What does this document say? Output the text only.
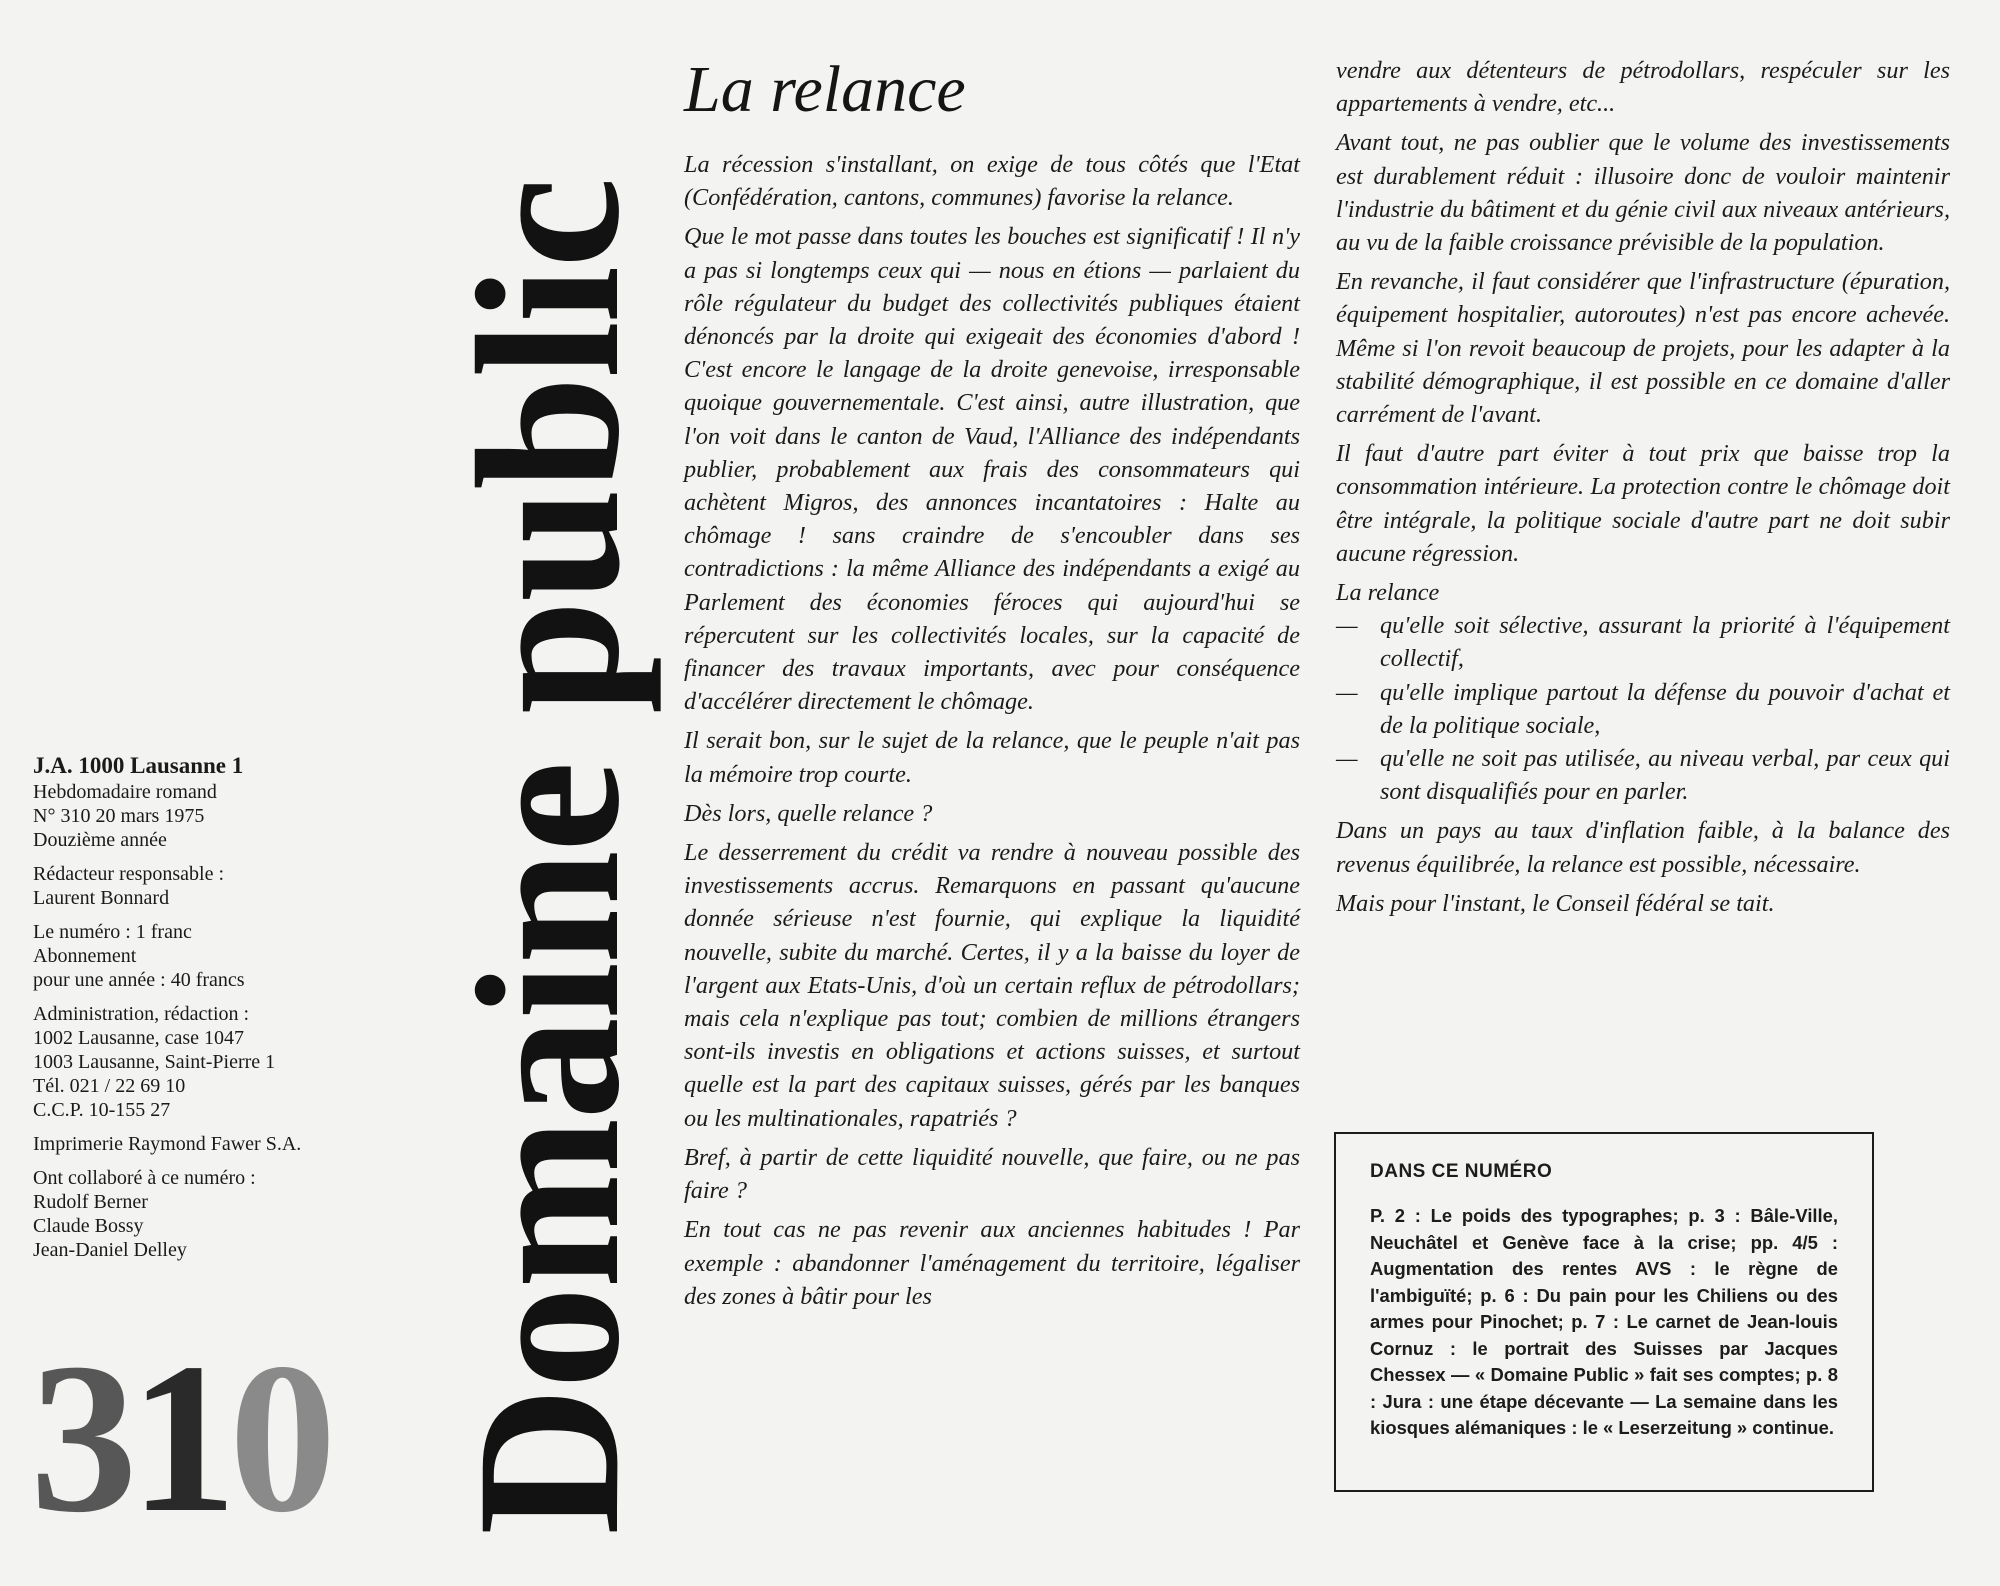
J.A. 1000 Lausanne 1
Hebdomadaire romand
N° 310 20 mars 1975
Douzième année
Rédacteur responsable :
Laurent Bonnard
Le numéro : 1 franc
Abonnement
pour une année : 40 francs
Administration, rédaction :
1002 Lausanne, case 1047
1003 Lausanne, Saint-Pierre 1
Tél. 021 / 22 69 10
C.C.P. 10-155 27
Imprimerie Raymond Fawer S.A.
Ont collaboré à ce numéro :
Rudolf Berner
Claude Bossy
Jean-Daniel Delley
310 Domaine public
La relance

La récession s'installant, on exige de tous côtés que l'Etat (Confédération, cantons, communes) favorise la relance.

Que le mot passe dans toutes les bouches est significatif ! Il n'y a pas si longtemps ceux qui — nous en étions — parlaient du rôle régulateur du budget des collectivités publiques étaient dénoncés par la droite qui exigeait des économies d'abord ! C'est encore le langage de la droite genevoise, irresponsable quoique gouvernementale. C'est ainsi, autre illustration, que l'on voit dans le canton de Vaud, l'Alliance des indépendants publier, probablement aux frais des consommateurs qui achètent Migros, des annonces incantatoires : Halte au chômage ! sans craindre de s'encoubler dans ses contradictions : la même Alliance des indépendants a exigé au Parlement des économies féroces qui aujourd'hui se répercutent sur les collectivités locales, sur la capacité de financer des travaux importants, avec pour conséquence d'accélérer directement le chômage.

Il serait bon, sur le sujet de la relance, que le peuple n'ait pas la mémoire trop courte.

Dès lors, quelle relance ?

Le desserrement du crédit va rendre à nouveau possible des investissements accrus. Remarquons en passant qu'aucune donnée sérieuse n'est fournie, qui explique la liquidité nouvelle, subite du marché. Certes, il y a la baisse du loyer de l'argent aux Etats-Unis, d'où un certain reflux de pétrodollars; mais cela n'explique pas tout; combien de millions étrangers sont-ils investis en obligations et actions suisses, et surtout quelle est la part des capitaux suisses, gérés par les banques ou les multinationales, rapatriés ?

Bref, à partir de cette liquidité nouvelle, que faire, ou ne pas faire ?

En tout cas ne pas revenir aux anciennes habitudes ! Par exemple : abandonner l'aménagement du territoire, légaliser des zones à bâtir pour les

vendre aux détenteurs de pétrodollars, respéculer sur les appartements à vendre, etc...

Avant tout, ne pas oublier que le volume des investissements est durablement réduit : illusoire donc de vouloir maintenir l'industrie du bâtiment et du génie civil aux niveaux antérieurs, au vu de la faible croissance prévisible de la population.

En revanche, il faut considérer que l'infrastructure (épuration, équipement hospitalier, autoroutes) n'est pas encore achevée. Même si l'on revoit beaucoup de projets, pour les adapter à la stabilité démographique, il est possible en ce domaine d'aller carrément de l'avant.

Il faut d'autre part éviter à tout prix que baisse trop la consommation intérieure. La protection contre le chômage doit être intégrale, la politique sociale d'autre part ne doit subir aucune régression.

La relance

— qu'elle soit sélective, assurant la priorité à l'équipement collectif,
— qu'elle implique partout la défense du pouvoir d'achat et de la politique sociale,
— qu'elle ne soit pas utilisée, au niveau verbal, par ceux qui sont disqualifiés pour en parler.

Dans un pays au taux d'inflation faible, à la balance des revenus équilibrée, la relance est possible, nécessaire.

Mais pour l'instant, le Conseil fédéral se tait.

DANS CE NUMÉRO
P. 2 : Le poids des typographes; p. 3 : Bâle-Ville, Neuchâtel et Genève face à la crise; pp. 4/5 : Augmentation des rentes AVS : le règne de l'ambiguïté; p. 6 : Du pain pour les Chiliens ou des armes pour Pinochet; p. 7 : Le carnet de Jean-louis Cornuz : le portrait des Suisses par Jacques Chessex — « Domaine Public » fait ses comptes; p. 8 : Jura : une étape décevante — La semaine dans les kiosques alémaniques : le « Leserzeitung » continue.
